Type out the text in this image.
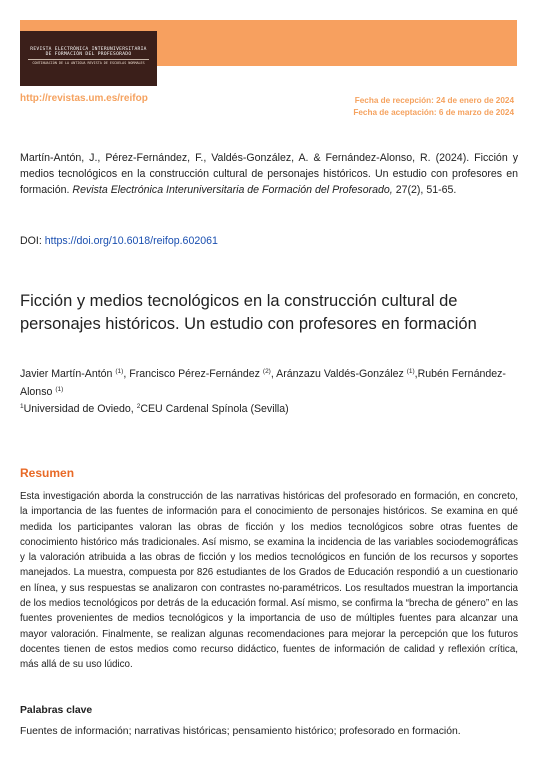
REVISTA ELECTRÓNICA INTERUNIVERSITARIA
DE FORMACIÓN DEL PROFESORADO
CONTINUACIÓN DE LA ANTIGUA REVISTA DE ESCUELAS NORMALES
http://revistas.um.es/reifop	Fecha de recepción: 24 de enero de 2024
Fecha de aceptación: 6 de marzo de 2024
Martín-Antón, J., Pérez-Fernández, F., Valdés-González, A. & Fernández-Alonso, R. (2024). Ficción y medios tecnológicos en la construcción cultural de personajes históricos. Un estudio con profesores en formación. Revista Electrónica Interuniversitaria de Formación del Profesorado, 27(2), 51-65.
DOI: https://doi.org/10.6018/reifop.602061
Ficción y medios tecnológicos en la construcción cultural de personajes históricos. Un estudio con profesores en formación
Javier Martín-Antón $^{(1)}$, Francisco Pérez-Fernández $^{(2)}$, Aránzazu Valdés-González $^{(1)}$,Rubén Fernández-Alonso $^{(1)}$
$^1$Universidad de Oviedo, $^2$CEU Cardenal Spínola (Sevilla)
Resumen
Esta investigación aborda la construcción de las narrativas históricas del profesorado en formación, en concreto, la importancia de las fuentes de información para el conocimiento de personajes históricos. Se examina en qué medida los participantes valoran las obras de ficción y los medios tecnológicos sobre otras fuentes de conocimiento histórico más tradicionales. Así mismo, se examina la incidencia de las variables sociodemográficas y la valoración atribuida a las obras de ficción y los medios tecnológicos en función de los recursos y soportes manejados. La muestra, compuesta por 826 estudiantes de los Grados de Educación respondió a un cuestionario en línea, y sus respuestas se analizaron con contrastes no-paramétricos. Los resultados muestran la importancia de los medios tecnológicos por detrás de la educación formal. Así mismo, se confirma la “brecha de género” en las fuentes provenientes de medios tecnológicos y la importancia de uso de múltiples fuentes para alcanzar una mayor valoración. Finalmente, se realizan algunas recomendaciones para mejorar la percepción que los futuros docentes tienen de estos medios como recurso didáctico, fuentes de información de calidad y reflexión crítica, más allá de su uso lúdico.
Palabras clave
Fuentes de información; narrativas históricas; pensamiento histórico; profesorado en formación.
